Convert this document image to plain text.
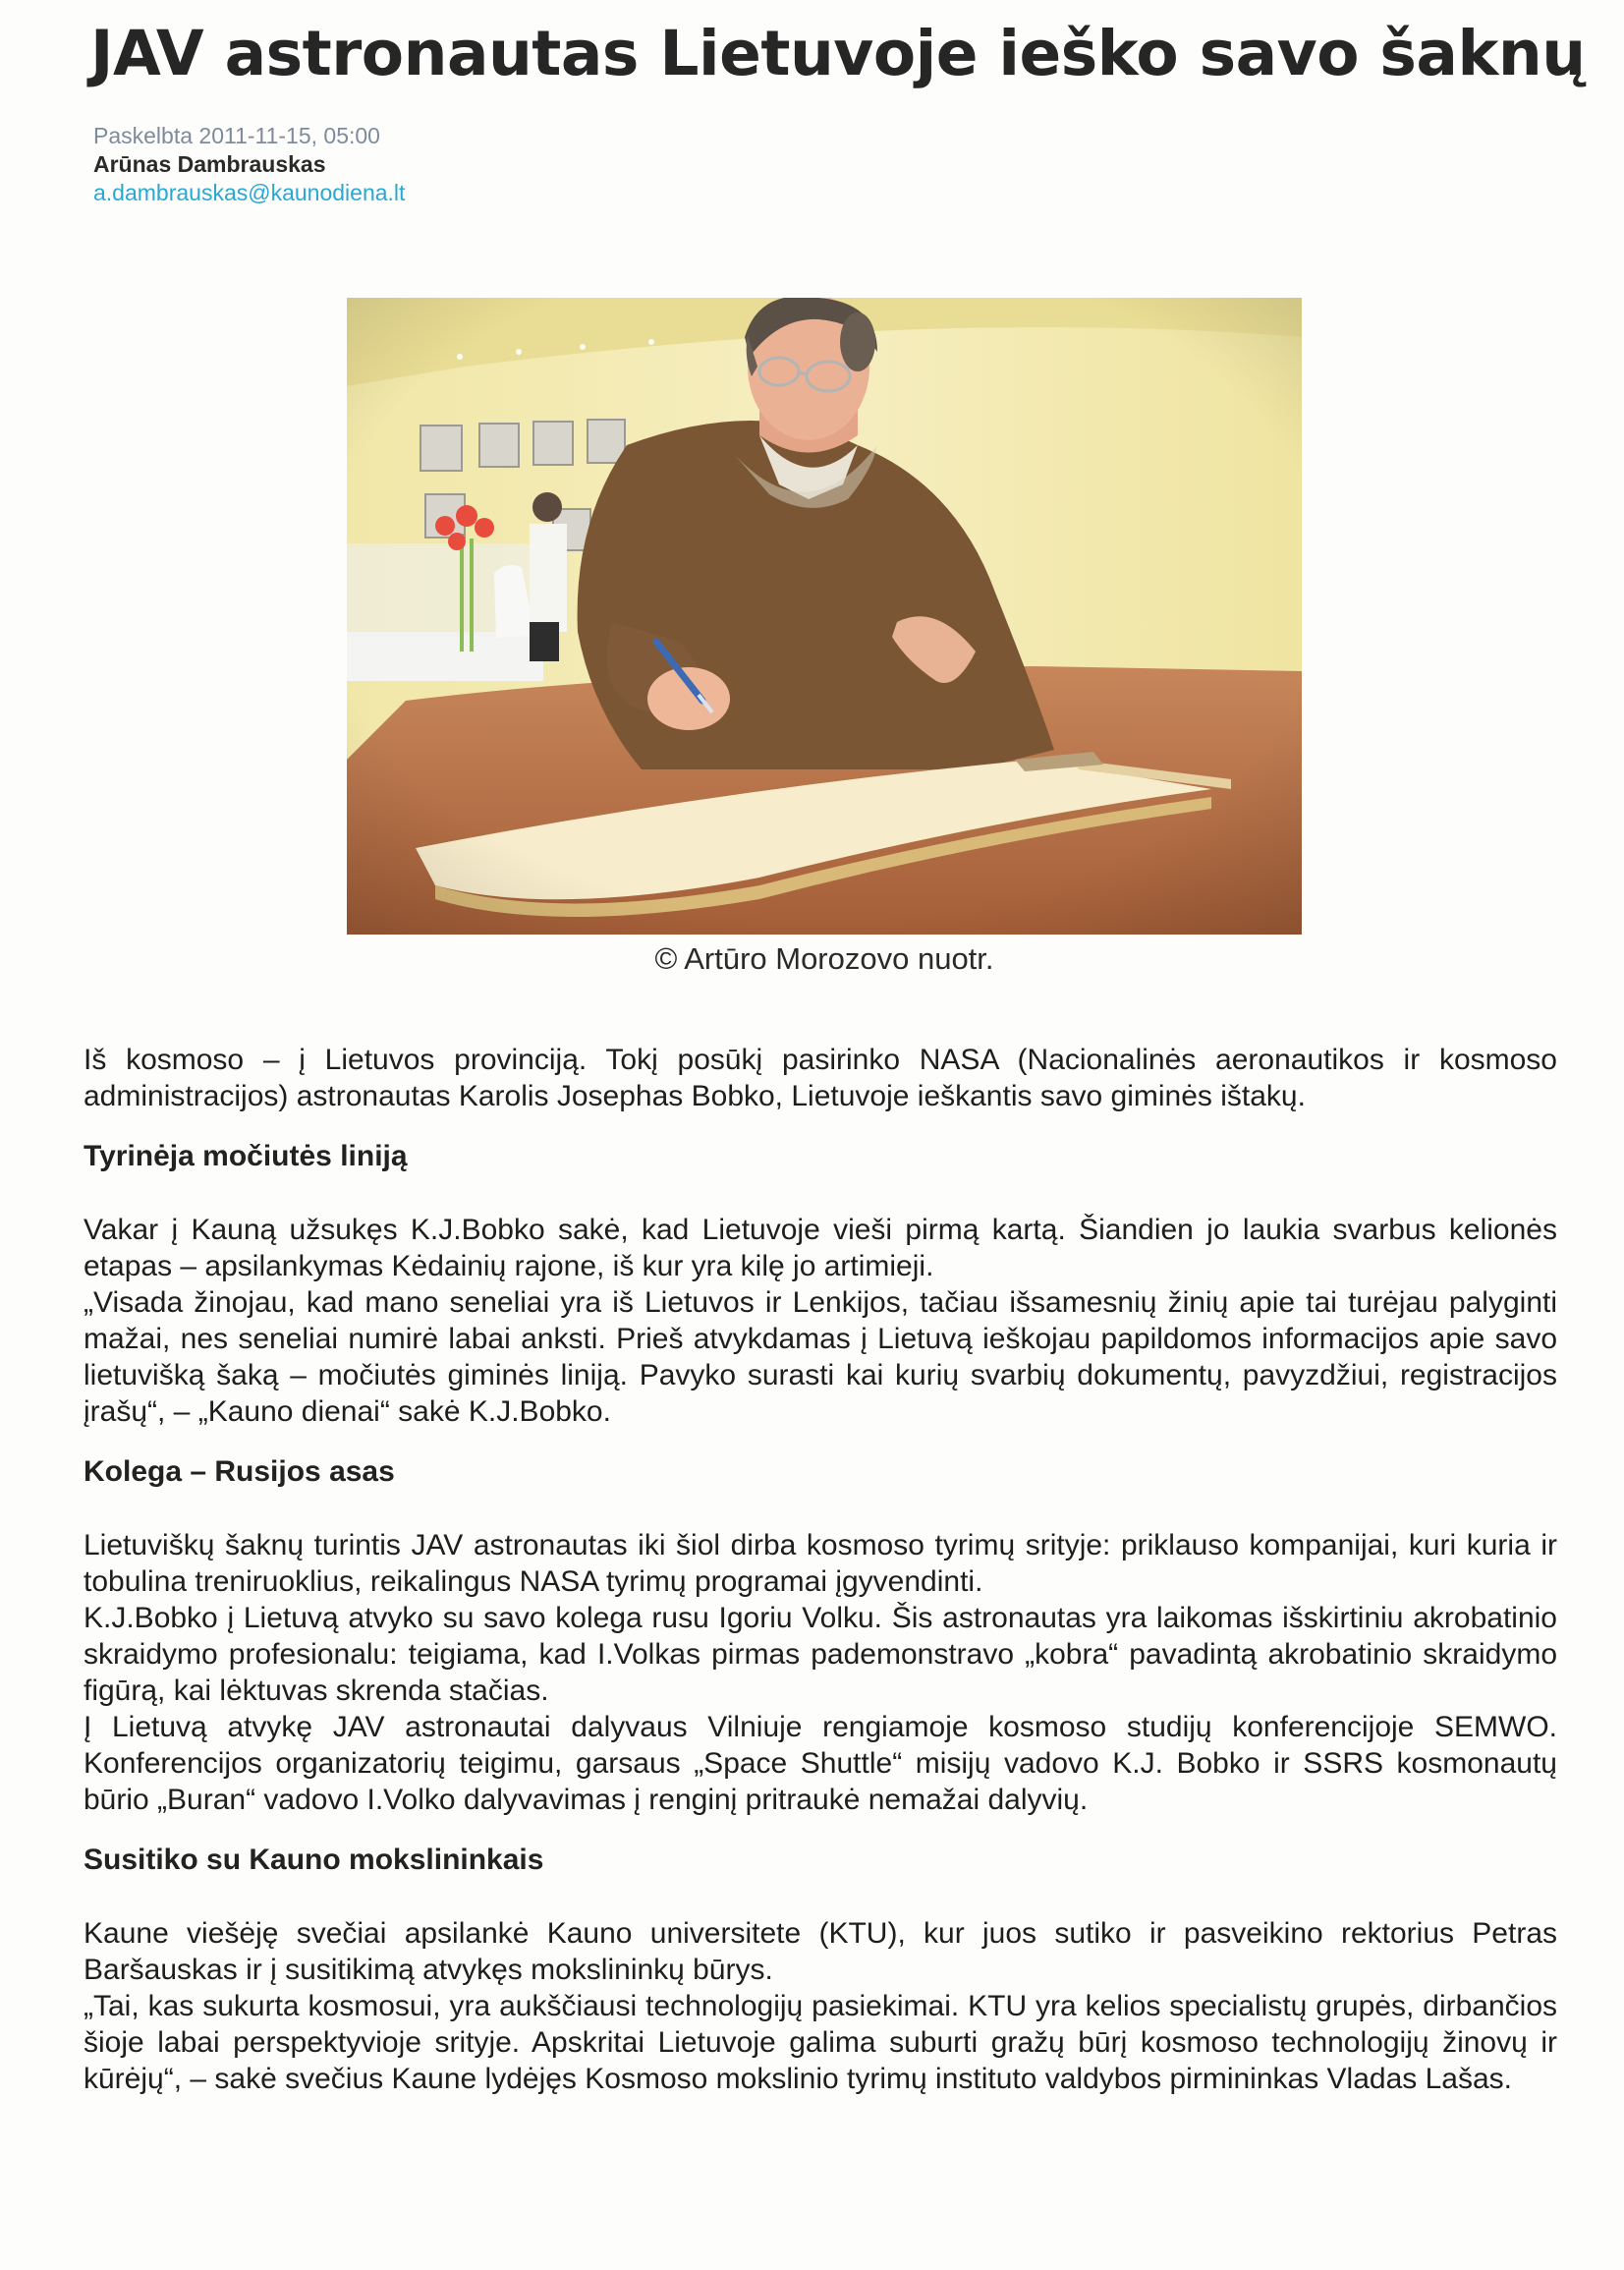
JAV astronautas Lietuvoje ieško savo šaknų
Paskelbta 2011-11-15, 05:00
Arūnas Dambrauskas
a.dambrauskas@kaunodiena.lt
© Artūro Morozovo nuotr.

Iš kosmoso – į Lietuvos provinciją. Tokį posūkį pasirinko NASA (Nacionalinės aeronautikos ir kosmoso administracijos) astronautas Karolis Josephas Bobko, Lietuvoje ieškantis savo giminės ištakų.

Tyrinėja močiutės liniją

Vakar į Kauną užsukęs K.J.Bobko sakė, kad Lietuvoje vieši pirmą kartą. Šiandien jo laukia svarbus kelionės etapas – apsilankymas Kėdainių rajone, iš kur yra kilę jo artimieji.

„Visada žinojau, kad mano seneliai yra iš Lietuvos ir Lenkijos, tačiau išsamesnių žinių apie tai turėjau palyginti mažai, nes seneliai numirė labai anksti. Prieš atvykdamas į Lietuvą ieškojau papildomos informacijos apie savo lietuvišką šaką – močiutės giminės liniją. Pavyko surasti kai kurių svarbių dokumentų, pavyzdžiui, registracijos įrašų“, – „Kauno dienai“ sakė K.J.Bobko.

Kolega – Rusijos asas

Lietuviškų šaknų turintis JAV astronautas iki šiol dirba kosmoso tyrimų srityje: priklauso kompanijai, kuri kuria ir tobulina treniruoklius, reikalingus NASA tyrimų programai įgyvendinti.

K.J.Bobko į Lietuvą atvyko su savo kolega rusu Igoriu Volku. Šis astronautas yra laikomas išskirtiniu akrobatinio skraidymo profesionalu: teigiama, kad I.Volkas pirmas pademonstravo „kobra“ pavadintą akrobatinio skraidymo figūrą, kai lėktuvas skrenda stačias.

Į Lietuvą atvykę JAV astronautai dalyvaus Vilniuje rengiamoje kosmoso studijų konferencijoje SEMWO. Konferencijos organizatorių teigimu, garsaus „Space Shuttle“ misijų vadovo K.J. Bobko ir SSRS kosmonautų būrio „Buran“ vadovo I.Volko dalyvavimas į renginį pritraukė nemažai dalyvių.

Susitiko su Kauno mokslininkais

Kaune viešėję svečiai apsilankė Kauno universitete (KTU), kur juos sutiko ir pasveikino rektorius Petras Baršauskas ir į susitikimą atvykęs mokslininkų būrys.

„Tai, kas sukurta kosmosui, yra aukščiausi technologijų pasiekimai. KTU yra kelios specialistų grupės, dirbančios šioje labai perspektyvioje srityje. Apskritai Lietuvoje galima suburti gražų būrį kosmoso technologijų žinovų ir kūrėjų“, – sakė svečius Kaune lydėjęs Kosmoso mokslinio tyrimų instituto valdybos pirmininkas Vladas Lašas.
